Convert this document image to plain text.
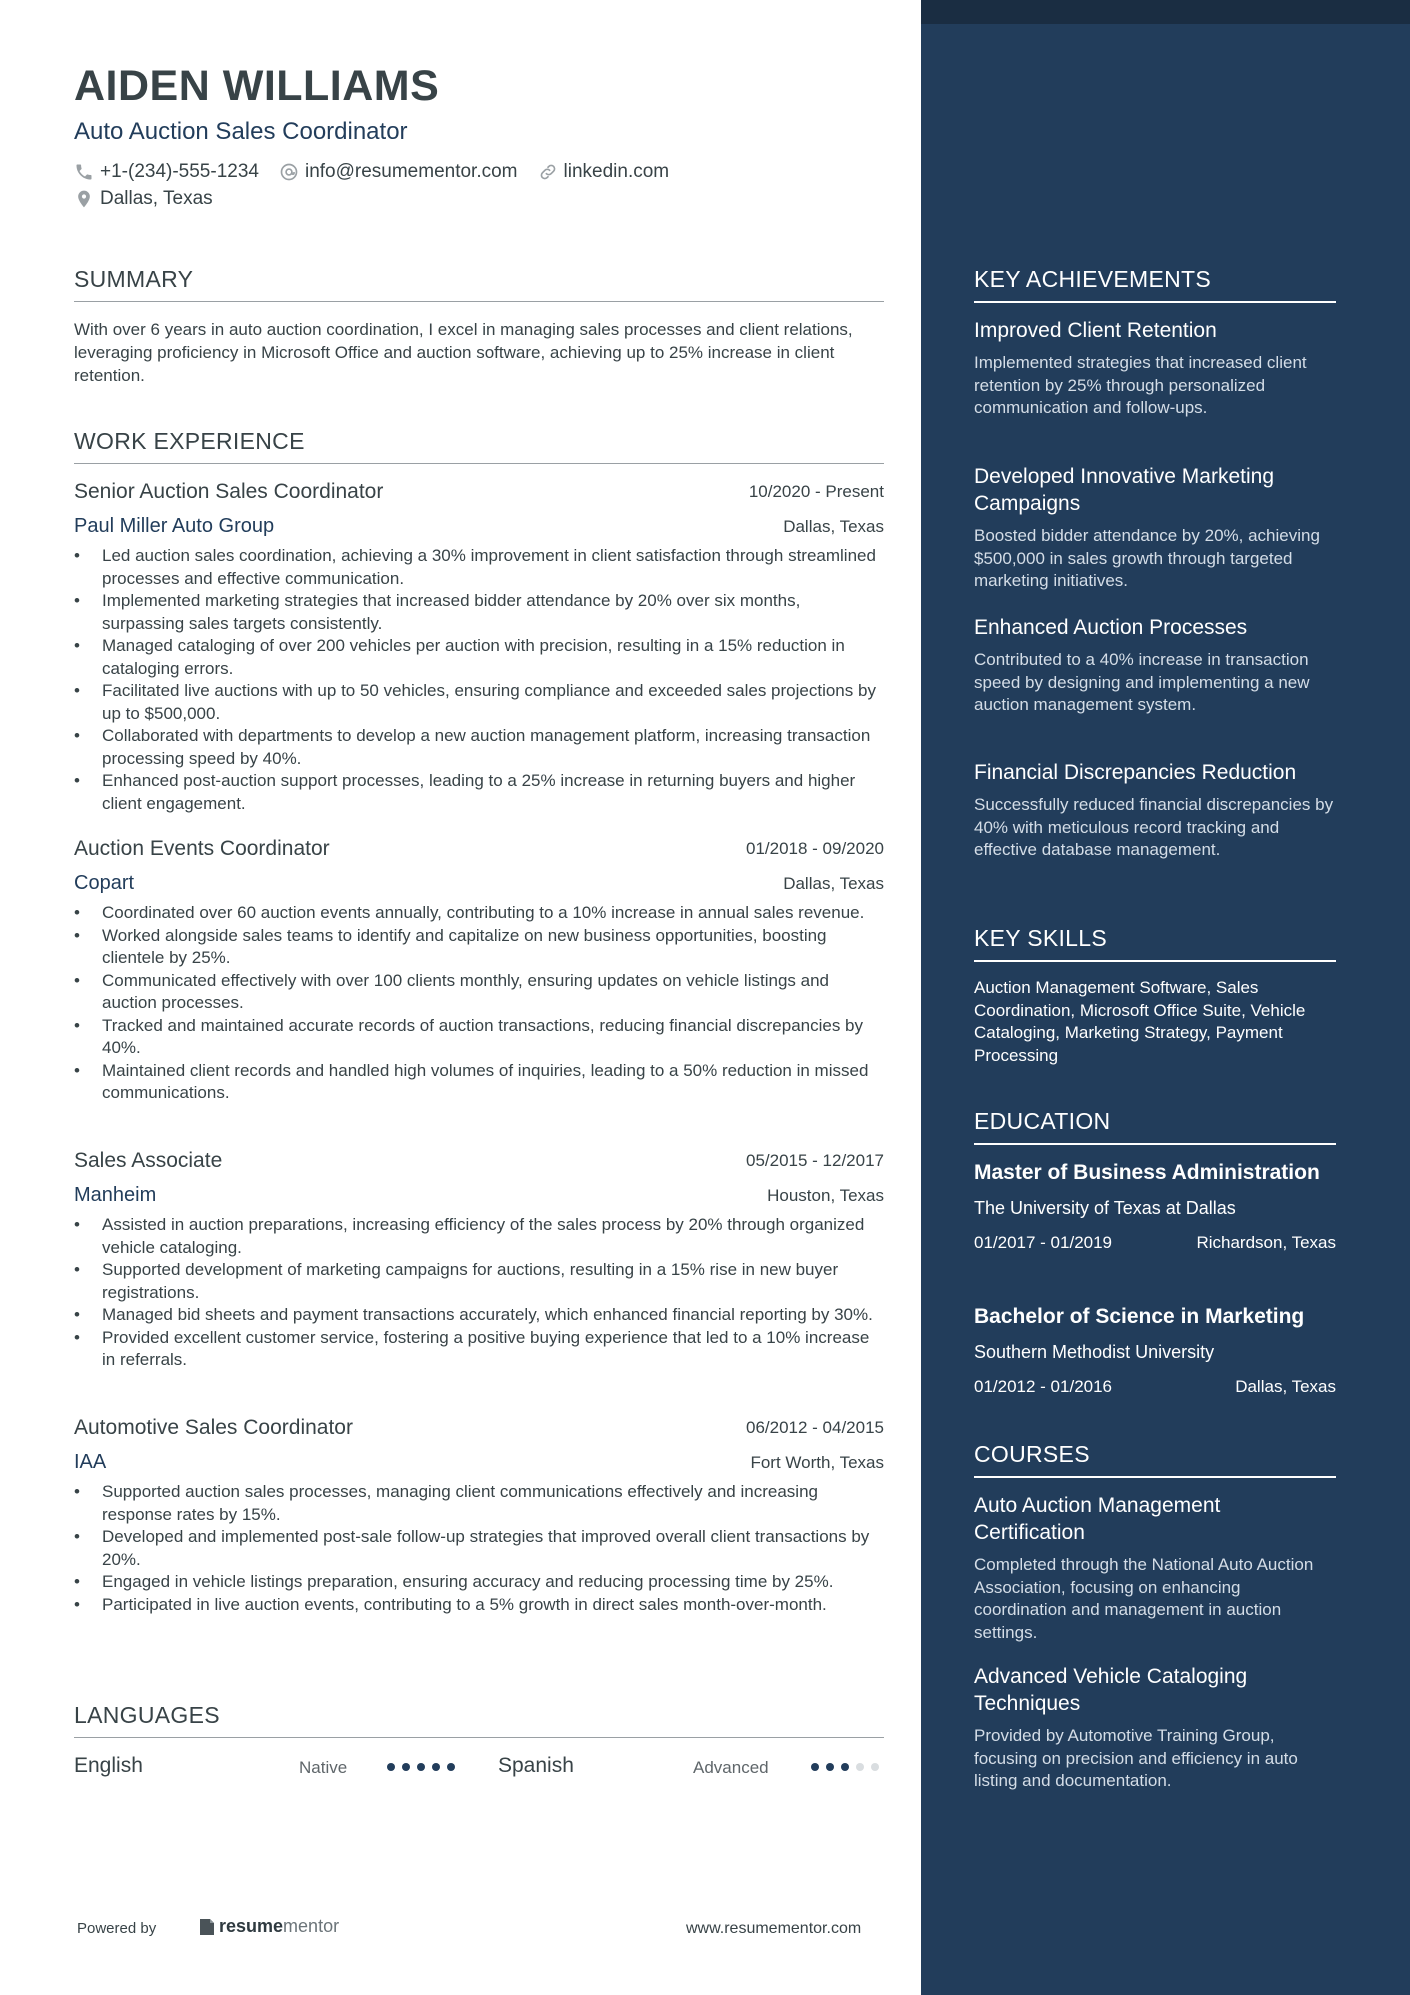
AIDEN WILLIAMS
Auto Auction Sales Coordinator
+1-(234)-555-1234 info@resumementor.com linkedin.com
Dallas, Texas
SUMMARY
With over 6 years in auto auction coordination, I excel in managing sales processes and client relations, leveraging proficiency in Microsoft Office and auction software, achieving up to 25% increase in client retention.
WORK EXPERIENCE
Senior Auction Sales Coordinator	10/2020 - Present
Paul Miller Auto Group	Dallas, Texas
• Led auction sales coordination, achieving a 30% improvement in client satisfaction through streamlined processes and effective communication.
• Implemented marketing strategies that increased bidder attendance by 20% over six months, surpassing sales targets consistently.
• Managed cataloging of over 200 vehicles per auction with precision, resulting in a 15% reduction in cataloging errors.
• Facilitated live auctions with up to 50 vehicles, ensuring compliance and exceeded sales projections by up to $500,000.
• Collaborated with departments to develop a new auction management platform, increasing transaction processing speed by 40%.
• Enhanced post-auction support processes, leading to a 25% increase in returning buyers and higher client engagement.
Auction Events Coordinator	01/2018 - 09/2020
Copart	Dallas, Texas
• Coordinated over 60 auction events annually, contributing to a 10% increase in annual sales revenue.
• Worked alongside sales teams to identify and capitalize on new business opportunities, boosting clientele by 25%.
• Communicated effectively with over 100 clients monthly, ensuring updates on vehicle listings and auction processes.
• Tracked and maintained accurate records of auction transactions, reducing financial discrepancies by 40%.
• Maintained client records and handled high volumes of inquiries, leading to a 50% reduction in missed communications.
Sales Associate	05/2015 - 12/2017
Manheim	Houston, Texas
• Assisted in auction preparations, increasing efficiency of the sales process by 20% through organized vehicle cataloging.
• Supported development of marketing campaigns for auctions, resulting in a 15% rise in new buyer registrations.
• Managed bid sheets and payment transactions accurately, which enhanced financial reporting by 30%.
• Provided excellent customer service, fostering a positive buying experience that led to a 10% increase in referrals.
Automotive Sales Coordinator	06/2012 - 04/2015
IAA	Fort Worth, Texas
• Supported auction sales processes, managing client communications effectively and increasing response rates by 15%.
• Developed and implemented post-sale follow-up strategies that improved overall client transactions by 20%.
• Engaged in vehicle listings preparation, ensuring accuracy and reducing processing time by 25%.
• Participated in live auction events, contributing to a 5% growth in direct sales month-over-month.
LANGUAGES
English	Native	Spanish	Advanced
Powered by	resume mentor	www.resumementor.com
KEY ACHIEVEMENTS
Improved Client Retention
Implemented strategies that increased client retention by 25% through personalized communication and follow-ups.
Developed Innovative Marketing Campaigns
Boosted bidder attendance by 20%, achieving $500,000 in sales growth through targeted marketing initiatives.
Enhanced Auction Processes
Contributed to a 40% increase in transaction speed by designing and implementing a new auction management system.
Financial Discrepancies Reduction
Successfully reduced financial discrepancies by 40% with meticulous record tracking and effective database management.
KEY SKILLS
Auction Management Software, Sales Coordination, Microsoft Office Suite, Vehicle Cataloging, Marketing Strategy, Payment Processing
EDUCATION
Master of Business Administration
The University of Texas at Dallas
01/2017 - 01/2019	Richardson, Texas
Bachelor of Science in Marketing
Southern Methodist University
01/2012 - 01/2016	Dallas, Texas
COURSES
Auto Auction Management Certification
Completed through the National Auto Auction Association, focusing on enhancing coordination and management in auction settings.
Advanced Vehicle Cataloging Techniques
Provided by Automotive Training Group, focusing on precision and efficiency in auto listing and documentation.
